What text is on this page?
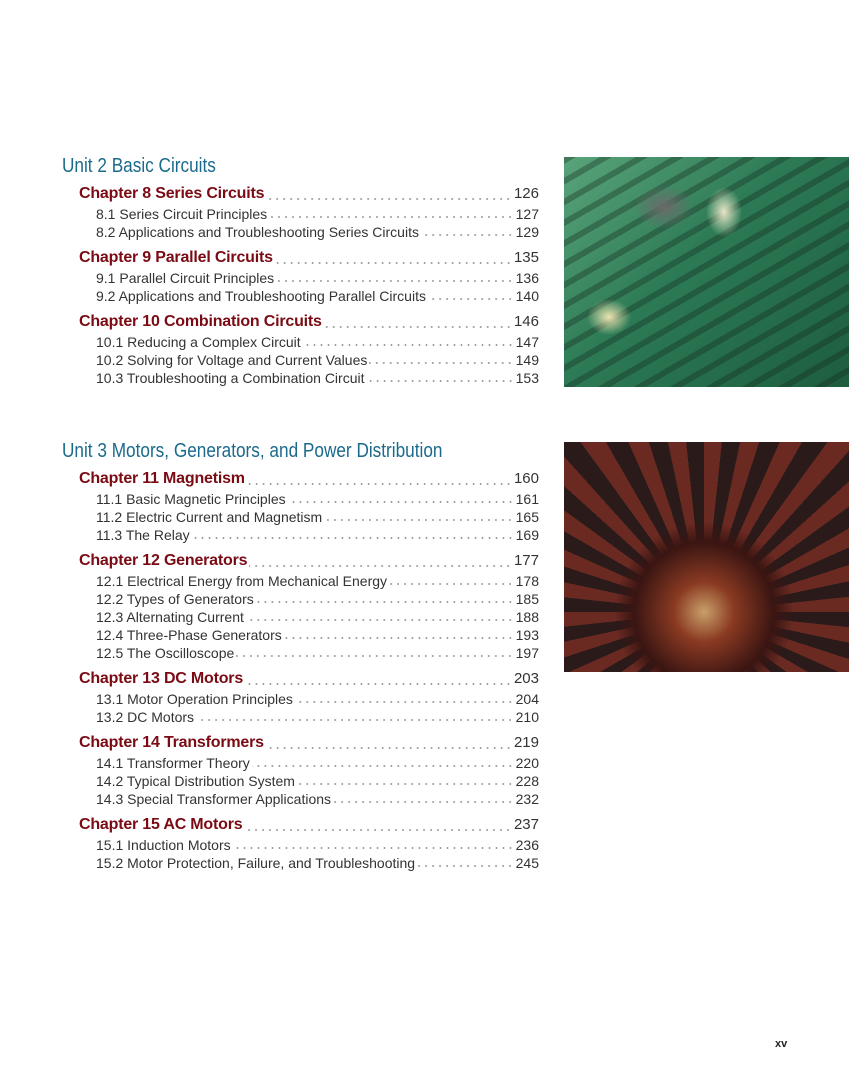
Unit 2 Basic Circuits
Chapter 8 Series Circuits	126
8.1 Series Circuit Principles	127
8.2 Applications and Troubleshooting Series Circuits	129
Chapter 9 Parallel Circuits	135
9.1 Parallel Circuit Principles	136
9.2 Applications and Troubleshooting Parallel Circuits	140
Chapter 10 Combination Circuits	146
10.1 Reducing a Complex Circuit	147
10.2 Solving for Voltage and Current Values	149
10.3 Troubleshooting a Combination Circuit	153
Unit 3 Motors, Generators, and Power Distribution
Chapter 11 Magnetism	160
11.1 Basic Magnetic Principles	161
11.2 Electric Current and Magnetism	165
11.3 The Relay	169
Chapter 12 Generators	177
12.1 Electrical Energy from Mechanical Energy	178
12.2 Types of Generators	185
12.3 Alternating Current	188
12.4 Three-Phase Generators	193
12.5 The Oscilloscope	197
Chapter 13 DC Motors	203
13.1 Motor Operation Principles	204
13.2 DC Motors	210
Chapter 14 Transformers	219
14.1 Transformer Theory	220
14.2 Typical Distribution System	228
14.3 Special Transformer Applications	232
Chapter 15 AC Motors	237
15.1 Induction Motors	236
15.2 Motor Protection, Failure, and Troubleshooting	245
xv
